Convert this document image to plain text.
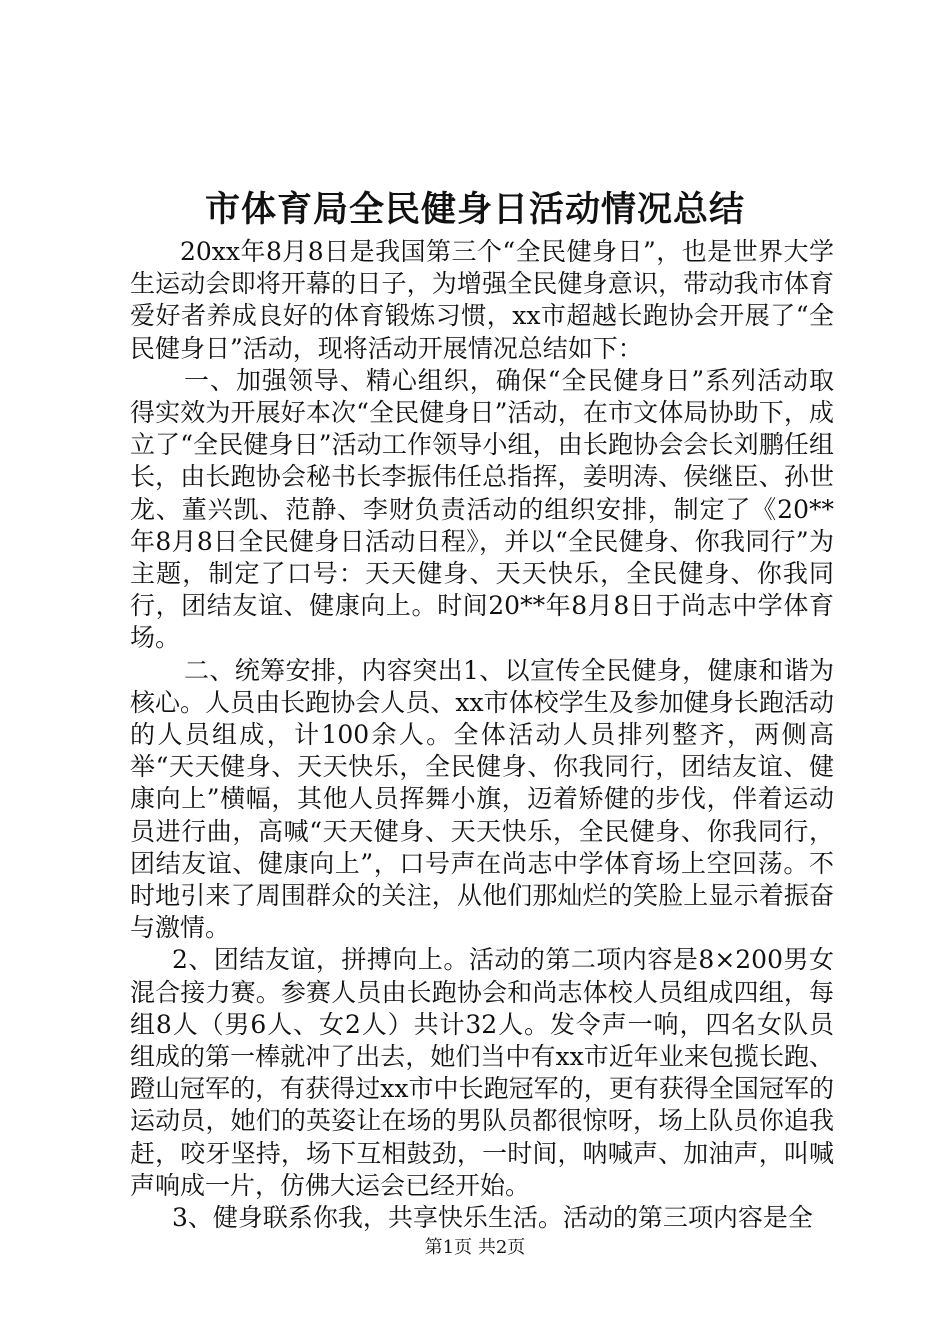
市体育局全民健身日活动情况总结

20xx年8月8日是我国第三个“全民健身日”，也是世界大学生运动会即将开幕的日子，为增强全民健身意识，带动我市体育爱好者养成良好的体育锻炼习惯，xx市超越长跑协会开展了“全民健身日”活动，现将活动开展情况总结如下：

一、加强领导、精心组织，确保“全民健身日”系列活动取得实效为开展好本次“全民健身日”活动，在市文体局协助下，成立了“全民健身日”活动工作领导小组，由长跑协会会长刘鹏任组长，由长跑协会秘书长李振伟任总指挥，姜明涛、侯继臣、孙世龙、董兴凯、范静、李财负责活动的组织安排，制定了《20**年8月8日全民健身日活动日程》，并以“全民健身、你我同行”为主题，制定了口号：天天健身、天天快乐，全民健身、你我同行，团结友谊、健康向上。时间20**年8月8日于尚志中学体育场。

二、统筹安排，内容突出1、以宣传全民健身，健康和谐为核心。人员由长跑协会人员、xx市体校学生及参加健身长跑活动的人员组成，计100余人。全体活动人员排列整齐，两侧高举“天天健身、天天快乐，全民健身、你我同行，团结友谊、健康向上”横幅，其他人员挥舞小旗，迈着矫健的步伐，伴着运动员进行曲，高喊“天天健身、天天快乐，全民健身、你我同行，团结友谊、健康向上”，口号声在尚志中学体育场上空回荡。不时地引来了周围群众的关注，从他们那灿烂的笑脸上显示着振奋与激情。

2、团结友谊，拼搏向上。活动的第二项内容是8×200男女混合接力赛。参赛人员由长跑协会和尚志体校人员组成四组，每组8人（男6人、女2人）共计32人。发令声一响，四名女队员组成的第一棒就冲了出去，她们当中有xx市近年业来包揽长跑、蹬山冠军的，有获得过xx市中长跑冠军的，更有获得全国冠军的运动员，她们的英姿让在场的男队员都很惊呀，场上队员你追我赶，咬牙坚持，场下互相鼓劲，一时间，呐喊声、加油声，叫喊声响成一片，仿佛大运会已经开始。

3、健身联系你我，共享快乐生活。活动的第三项内容是全

第1页 共2页
